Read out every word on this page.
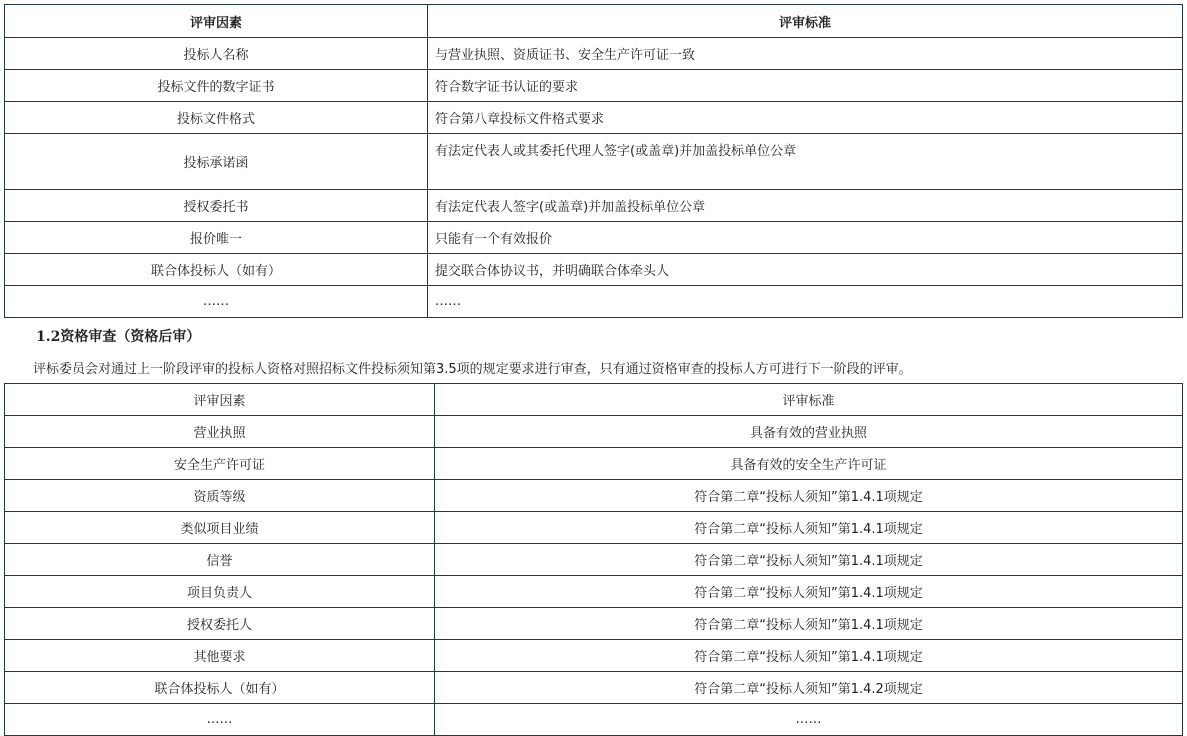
评审因素	评审标准
投标人名称	与营业执照、资质证书、安全生产许可证一致
投标文件的数字证书	符合数字证书认证的要求
投标文件格式	符合第八章投标文件格式要求
投标承诺函	有法定代表人或其委托代理人签字(或盖章)并加盖投标单位公章
授权委托书	有法定代表人签字(或盖章)并加盖投标单位公章
报价唯一	只能有一个有效报价
联合体投标人（如有）	提交联合体协议书，并明确联合体牵头人
……	……
1.2资格审查（资格后审）
评标委员会对通过上一阶段评审的投标人资格对照招标文件投标须知第3.5项的规定要求进行审查，只有通过资格审查的投标人方可进行下一阶段的评审。
评审因素	评审标准
营业执照	具备有效的营业执照
安全生产许可证	具备有效的安全生产许可证
资质等级	符合第二章“投标人须知”第1.4.1项规定
类似项目业绩	符合第二章“投标人须知”第1.4.1项规定
信誉	符合第二章“投标人须知”第1.4.1项规定
项目负责人	符合第二章“投标人须知”第1.4.1项规定
授权委托人	符合第二章“投标人须知”第1.4.1项规定
其他要求	符合第二章“投标人须知”第1.4.1项规定
联合体投标人（如有）	符合第二章“投标人须知”第1.4.2项规定
……	……
